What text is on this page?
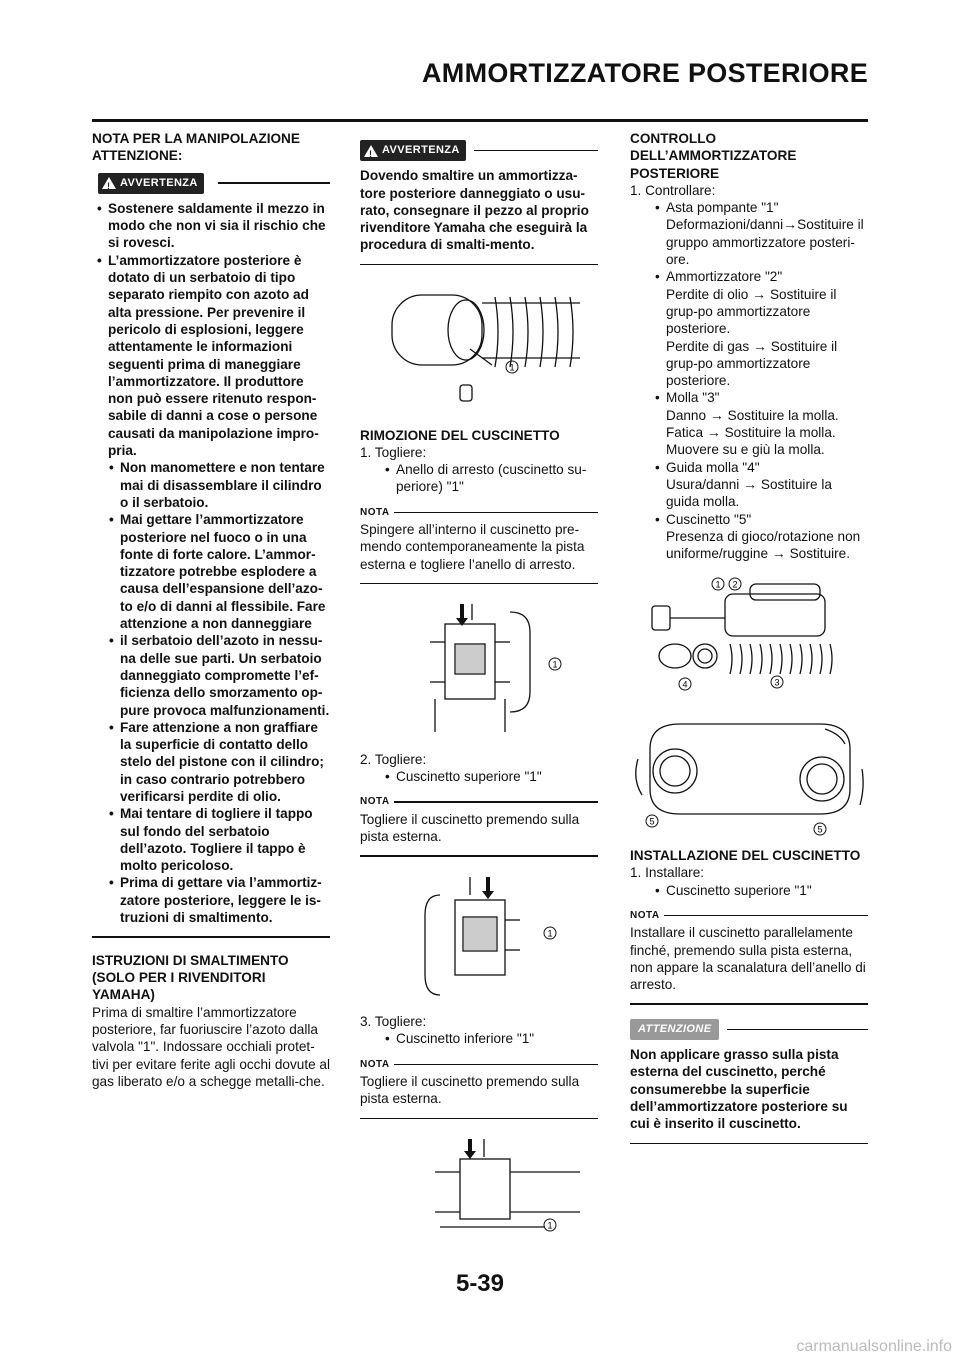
AMMORTIZZATORE POSTERIORE

NOTA PER LA MANIPOLAZIONE ATTENZIONE:

! AVVERTENZA
• Sostenere saldamente il mezzo in modo che non vi sia il rischio che si rovesci.
• L’ammortizzatore posteriore è dotato di un serbatoio di tipo separato riempito con azoto ad alta pressione. Per prevenire il pericolo di esplosioni, leggere attentamente le informazioni seguenti prima di maneggiare l’ammortizzatore. Il produttore non può essere ritenuto respon-sabile di danni a cose o persone causati da manipolazione impro-pria.
• Non manomettere e non tentare mai di disassemblare il cilindro o il serbatoio.
• Mai gettare l’ammortizzatore posteriore nel fuoco o in una fonte di forte calore. L’ammor-tizzatore potrebbe esplodere a causa dell’espansione dell’azo-to e/o di danni al flessibile. Fare attenzione a non danneggiare
• il serbatoio dell’azoto in nessu-na delle sue parti. Un serbatoio danneggiato compromette l’ef-ficienza dello smorzamento op-pure provoca malfunzionamenti.
• Fare attenzione a non graffiare la superficie di contatto dello stelo del pistone con il cilindro; in caso contrario potrebbero verificarsi perdite di olio.
• Mai tentare di togliere il tappo sul fondo del serbatoio dell’azoto. Togliere il tappo è molto pericoloso.
• Prima di gettare via l’ammortiz-zatore posteriore, leggere le is-truzioni di smaltimento.

ISTRUZIONI DI SMALTIMENTO (SOLO PER I RIVENDITORI YAMAHA)

Prima di smaltire l’ammortizzatore posteriore, far fuoriuscire l’azoto dalla valvola "1". Indossare occhiali protet-tivi per evitare ferite agli occhi dovute al gas liberato e/o a schegge metalli-che.

! AVVERTENZA

Dovendo smaltire un ammortizza-tore posteriore danneggiato o usu-rato, consegnare il pezzo al proprio rivenditore Yamaha che eseguirà la procedura di smalti-mento.

1

RIMOZIONE DEL CUSCINETTO

1. Togliere:

• Anello di arresto (cuscinetto su-periore) "1"
NOTA

Spingere all’interno il cuscinetto pre-mendo contemporaneamente la pista esterna e togliere l’anello di arresto.

1

2. Togliere:

• Cuscinetto superiore "1"
NOTA

Togliere il cuscinetto premendo sulla pista esterna.

1

3. Togliere:

• Cuscinetto inferiore "1"
NOTA

Togliere il cuscinetto premendo sulla pista esterna.

1

CONTROLLO DELL’AMMORTIZZATORE POSTERIORE

1. Controllare:

• Asta pompante "1"
Deformazioni/danni→Sostituire il gruppo ammortizzatore posteri-ore.
• Ammortizzatore "2"
Perdite di olio → Sostituire il grup-po ammortizzatore posteriore.
Perdite di gas → Sostituire il grup-po ammortizzatore posteriore.
• Molla "3"
Danno → Sostituire la molla.
Fatica → Sostituire la molla.
Muovere su e giù la molla.
• Guida molla "4"
Usura/danni → Sostituire la guida molla.
• Cuscinetto "5"
Presenza di gioco/rotazione non uniforme/ruggine → Sostituire.
1 2
4	3

5
5

INSTALLAZIONE DEL CUSCINETTO

1. Installare:

• Cuscinetto superiore "1"
NOTA

Installare il cuscinetto parallelamente finché, premendo sulla pista esterna, non appare la scanalatura dell’anello di arresto.

ATTENZIONE

Non applicare grasso sulla pista esterna del cuscinetto, perché consumerebbe la superficie dell’ammortizzatore posteriore su cui è inserito il cuscinetto.

5-39
carmanualsonline.info
